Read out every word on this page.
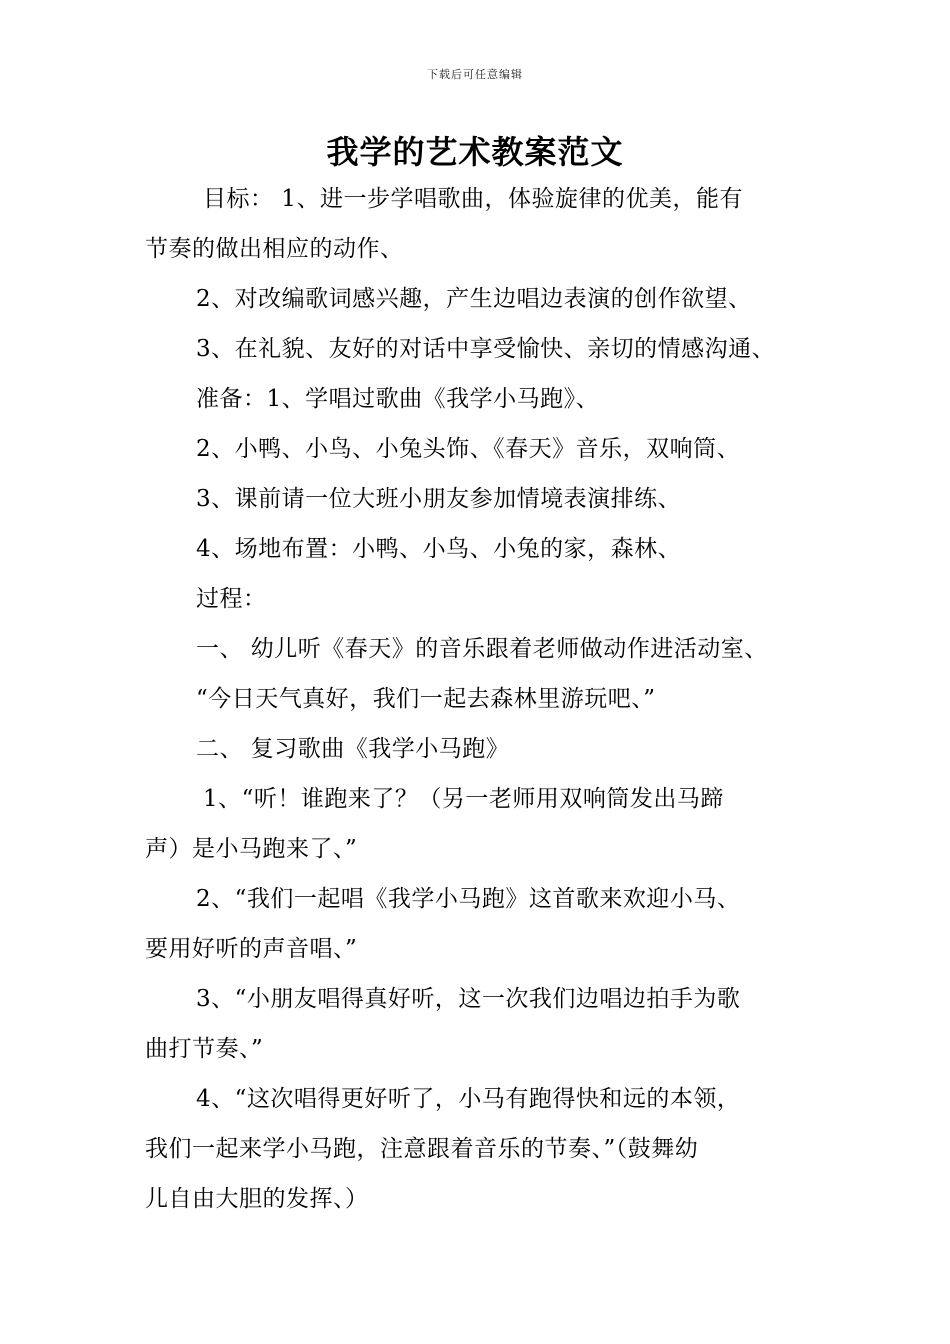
下载后可任意编辑
我学的艺术教案范文
目标： 1、进一步学唱歌曲，体验旋律的优美，能有
节奏的做出相应的动作、
2、对改编歌词感兴趣，产生边唱边表演的创作欲望、
3、在礼貌、友好的对话中享受愉快、亲切的情感沟通、
准备：1、学唱过歌曲《我学小马跑》、
2、小鸭、小鸟、小兔头饰、《春天》音乐，双响筒、
3、课前请一位大班小朋友参加情境表演排练、
4、场地布置：小鸭、小鸟、小兔的家，森林、
过程：
一、 幼儿听《春天》的音乐跟着老师做动作进活动室、
“今日天气真好，我们一起去森林里游玩吧、”
二、 复习歌曲《我学小马跑》
1、“听！谁跑来了？（另一老师用双响筒发出马蹄
声）是小马跑来了、”
2、“我们一起唱《我学小马跑》这首歌来欢迎小马、
要用好听的声音唱、”
3、“小朋友唱得真好听，这一次我们边唱边拍手为歌
曲打节奏、”
4、“这次唱得更好听了，小马有跑得快和远的本领，
我们一起来学小马跑，注意跟着音乐的节奏、”（鼓舞幼
儿自由大胆的发挥、）
